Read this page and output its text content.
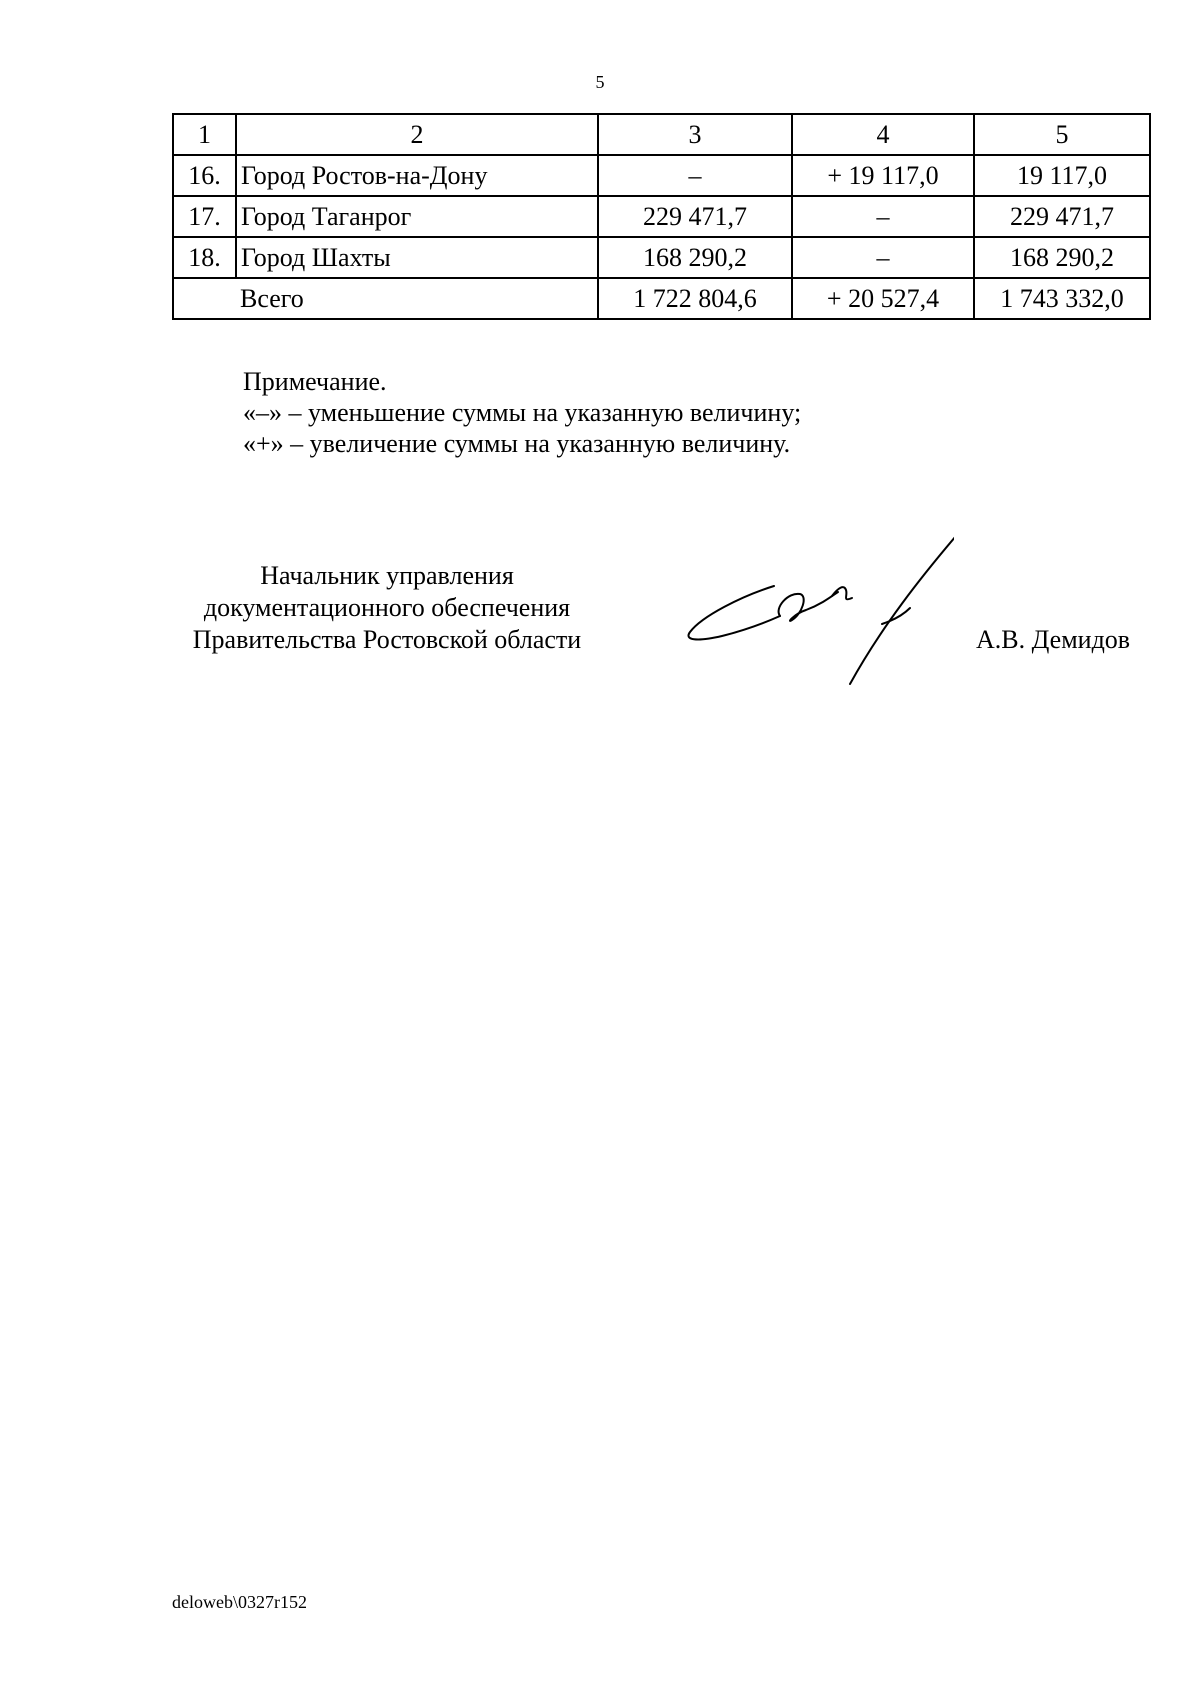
5
1	2	3	4	5
16.	Город Ростов-на-Дону	–	+ 19 117,0	19 117,0
17.	Город Таганрог	229 471,7	–	229 471,7
18.	Город Шахты	168 290,2	–	168 290,2
	Всего	1 722 804,6	+ 20 527,4	1 743 332,0
Примечание.
«–» – уменьшение суммы на указанную величину;
«+» – увеличение суммы на указанную величину.
Начальник управления
документационного обеспечения
Правительства Ростовской области	А.В. Демидов
deloweb\0327r152
